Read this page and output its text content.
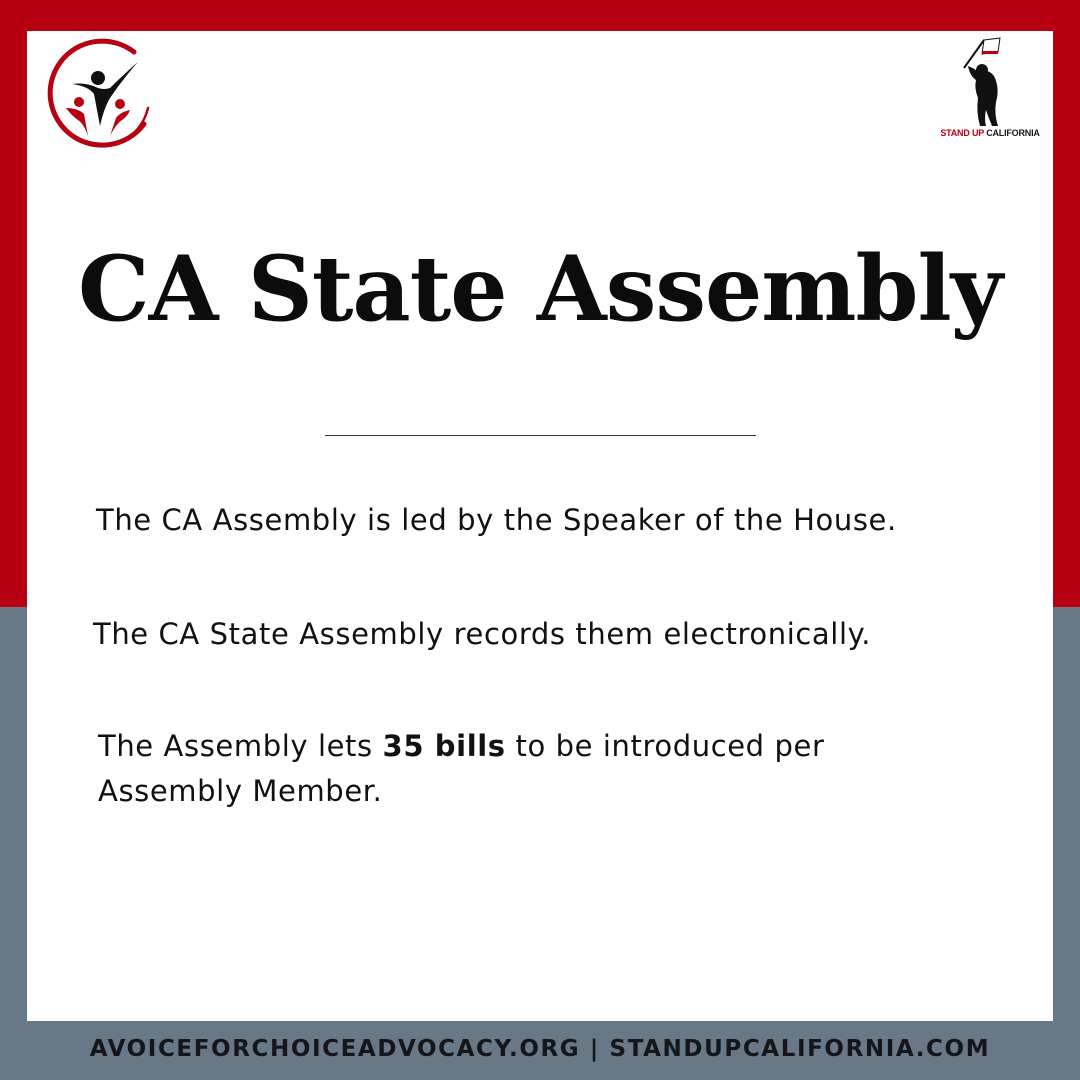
STAND UP CALIFORNIA
CA State Assembly
The CA Assembly is led by the Speaker of the House.
The CA State Assembly records them electronically.
The Assembly lets 35 bills to be introduced per
Assembly Member.
AVOICEFORCHOICEADVOCACY.ORG | STANDUPCALIFORNIA.COM
